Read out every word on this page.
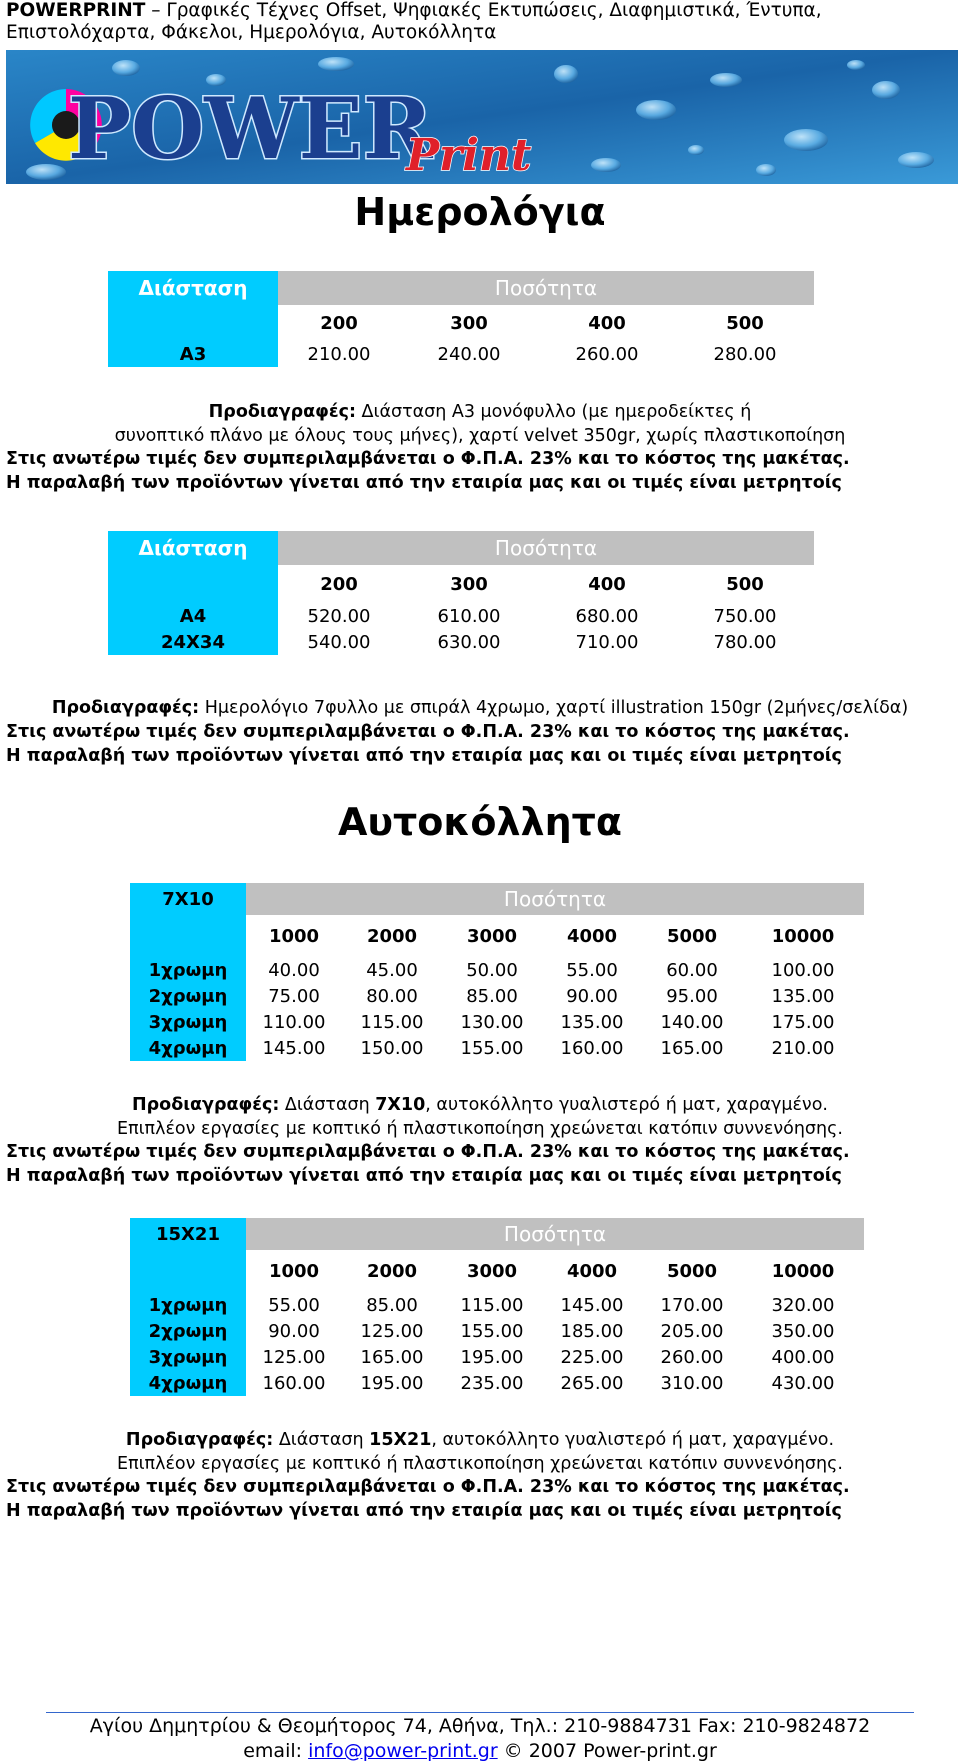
POWERPRINT – Γραφικές Τέχνες Offset, Ψηφιακές Εκτυπώσεις, Διαφημιστικά, Έντυπα,
Επιστολόχαρτα, Φάκελοι, Ημερολόγια, Αυτοκόλλητα
POWER
Print
Ημερολόγια
Διάσταση	Ποσότητα			
	200	300	400	500
A3	210.00	240.00	260.00	280.00
Προδιαγραφές: Διάσταση A3 μονόφυλλο (με ημεροδείκτες ή
συνοπτικό πλάνο με όλους τους μήνες), χαρτί velvet 350gr, χωρίς πλαστικοποίηση
Στις ανωτέρω τιμές δεν συμπεριλαμβάνεται ο Φ.Π.Α. 23% και το κόστος της μακέτας.
Η παραλαβή των προϊόντων γίνεται από την εταιρία μας και οι τιμές είναι μετρητοίς
Διάσταση	Ποσότητα			
	200	300	400	500
A4	520.00	610.00	680.00	750.00
24X34	540.00	630.00	710.00	780.00
Προδιαγραφές: Ημερολόγιο 7φυλλο με σπιράλ 4χρωμο, χαρτί illustration 150gr (2μήνες/σελίδα)
Στις ανωτέρω τιμές δεν συμπεριλαμβάνεται ο Φ.Π.Α. 23% και το κόστος της μακέτας.
Η παραλαβή των προϊόντων γίνεται από την εταιρία μας και οι τιμές είναι μετρητοίς
Αυτοκόλλητα
7X10	Ποσότητα					
	1000	2000	3000	4000	5000	10000
1χρωμη	40.00	45.00	50.00	55.00	60.00	100.00
2χρωμη	75.00	80.00	85.00	90.00	95.00	135.00
3χρωμη	110.00	115.00	130.00	135.00	140.00	175.00
4χρωμη	145.00	150.00	155.00	160.00	165.00	210.00
Προδιαγραφές: Διάσταση 7X10, αυτοκόλλητο γυαλιστερό ή ματ, χαραγμένο.
Επιπλέον εργασίες με κοπτικό ή πλαστικοποίηση χρεώνεται κατόπιν συννενόησης.
Στις ανωτέρω τιμές δεν συμπεριλαμβάνεται ο Φ.Π.Α. 23% και το κόστος της μακέτας.
Η παραλαβή των προϊόντων γίνεται από την εταιρία μας και οι τιμές είναι μετρητοίς
15X21	Ποσότητα					
	1000	2000	3000	4000	5000	10000
1χρωμη	55.00	85.00	115.00	145.00	170.00	320.00
2χρωμη	90.00	125.00	155.00	185.00	205.00	350.00
3χρωμη	125.00	165.00	195.00	225.00	260.00	400.00
4χρωμη	160.00	195.00	235.00	265.00	310.00	430.00
Προδιαγραφές: Διάσταση 15X21, αυτοκόλλητο γυαλιστερό ή ματ, χαραγμένο.
Επιπλέον εργασίες με κοπτικό ή πλαστικοποίηση χρεώνεται κατόπιν συννενόησης.
Στις ανωτέρω τιμές δεν συμπεριλαμβάνεται ο Φ.Π.Α. 23% και το κόστος της μακέτας.
Η παραλαβή των προϊόντων γίνεται από την εταιρία μας και οι τιμές είναι μετρητοίς
Αγίου Δημητρίου & Θεομήτορος 74, Αθήνα, Τηλ.: 210-9884731 Fax: 210-9824872
email: info@power-print.gr © 2007 Power-print.gr
